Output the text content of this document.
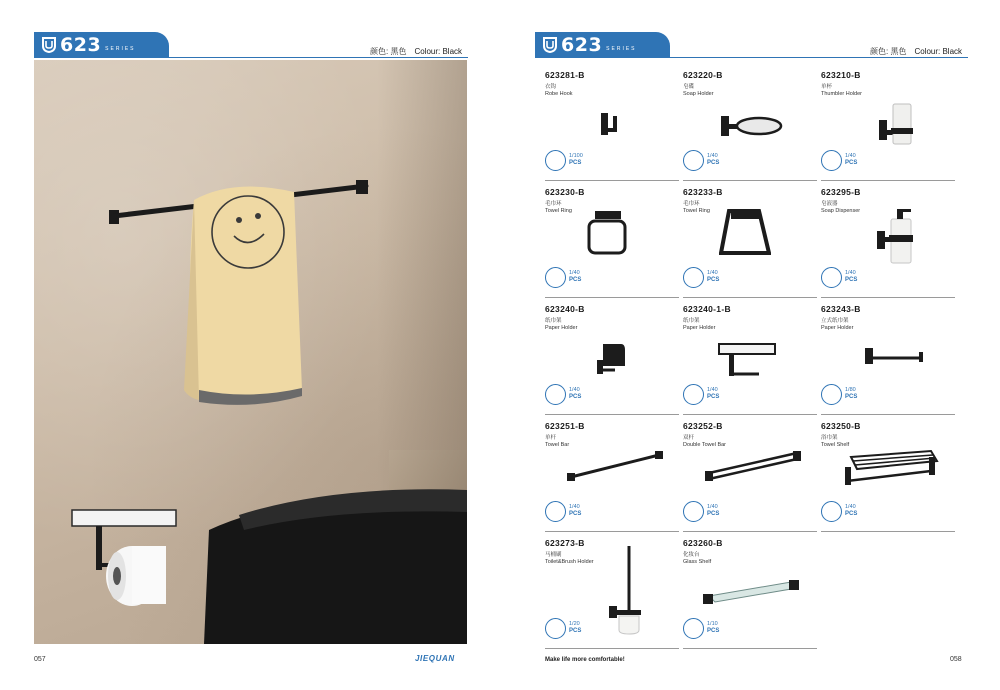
623 SERIES	颜色: 黑色 Colour: Black
057	JIEQUAN
623 SERIES	颜色: 黑色 Colour: Black
623281-B
衣钩
Robe Hook
1/100
PCS
623220-B
皂碟
Soap Holder
1/40
PCS
623210-B
单杯
Thumbler Holder
1/40
PCS
623230-B
毛巾环
Towel Ring
1/40
PCS
623233-B
毛巾环
Towel Ring
1/40
PCS
623295-B
皂液器
Soap Dispenser
1/40
PCS
623240-B
纸巾架
Paper Holder
1/40
PCS
623240-1-B
纸巾架
Paper Holder
1/40
PCS
623243-B
立式纸巾架
Paper Holder
1/80
PCS
623251-B
单杆
Towel Bar
1/40
PCS
623252-B
双杆
Double Towel Bar
1/40
PCS
623250-B
浴巾架
Towel Shelf
1/40
PCS
623273-B
马桶刷
Toilet&Brush Holder
1/20
PCS
623260-B
化妆台
Glass Shelf
1/10
PCS
Make life more comfortable!	058
